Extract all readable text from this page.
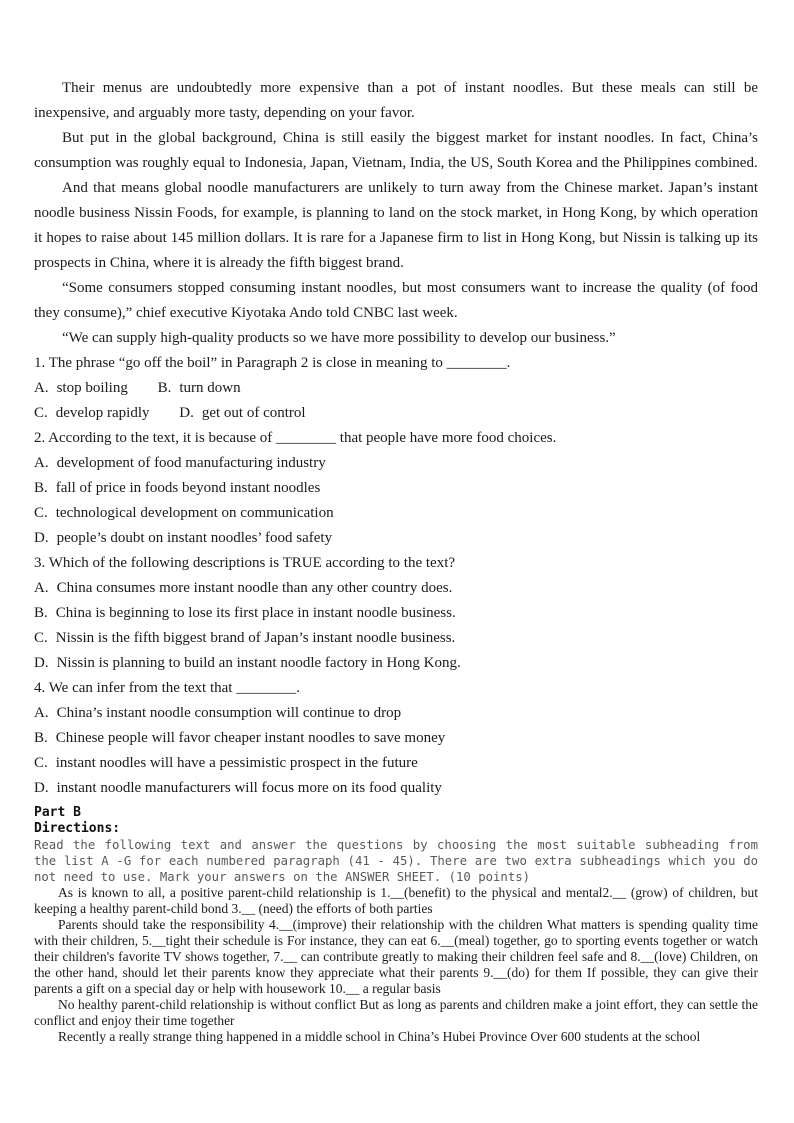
Their menus are undoubtedly more expensive than a pot of instant noodles. But these meals can still be inexpensive, and arguably more tasty, depending on your favor.

But put in the global background, China is still easily the biggest market for instant noodles. In fact, China’s consumption was roughly equal to Indonesia, Japan, Vietnam, India, the US, South Korea and the Philippines combined.

And that means global noodle manufacturers are unlikely to turn away from the Chinese market. Japan’s instant noodle business Nissin Foods, for example, is planning to land on the stock market, in Hong Kong, by which operation it hopes to raise about 145 million dollars. It is rare for a Japanese firm to list in Hong Kong, but Nissin is talking up its prospects in China, where it is already the fifth biggest brand.

“Some consumers stopped consuming instant noodles, but most consumers want to increase the quality (of food they consume),” chief executive Kiyotaka Ando told CNBC last week.

“We can supply high-quality products so we have more possibility to develop our business.”

1. The phrase “go off the boil” in Paragraph 2 is close in meaning to ________.
A. stop boiling B. turn down
C. develop rapidly D. get out of control
2. According to the text, it is because of ________ that people have more food choices.
A. development of food manufacturing industry
B. fall of price in foods beyond instant noodles
C. technological development on communication
D. people’s doubt on instant noodles’ food safety
3. Which of the following descriptions is TRUE according to the text?
A. China consumes more instant noodle than any other country does.
B. China is beginning to lose its first place in instant noodle business.
C. Nissin is the fifth biggest brand of Japan’s instant noodle business.
D. Nissin is planning to build an instant noodle factory in Hong Kong.
4. We can infer from the text that ________.
A. China’s instant noodle consumption will continue to drop
B. Chinese people will favor cheaper instant noodles to save money
C. instant noodles will have a pessimistic prospect in the future
D. instant noodle manufacturers will focus more on its food quality

Part B

Directions:

Read the following text and answer the questions by choosing the most suitable subheading from the list A -G for each numbered paragraph (41 - 45). There are two extra subheadings which you do not need to use. Mark your answers on the ANSWER SHEET. (10 points)

As is known to all, a positive parent-child relationship is 1.__(benefit) to the physical and mental2.__ (grow) of children, but keeping a healthy parent-child bond 3.__ (need) the efforts of both parties

Parents should take the responsibility 4.__(improve) their relationship with the children What matters is spending quality time with their children, 5.__tight their schedule is For instance, they can eat 6.__(meal) together, go to sporting events together or watch their children's favorite TV shows together, 7.__ can contribute greatly to making their children feel safe and 8.__(love) Children, on the other hand, should let their parents know they appreciate what their parents 9.__(do) for them If possible, they can give their parents a gift on a special day or help with housework 10.__ a regular basis

No healthy parent-child relationship is without conflict But as long as parents and children make a joint effort, they can settle the conflict and enjoy their time together

Recently a really strange thing happened in a middle school in China’s Hubei Province Over 600 students at the school
